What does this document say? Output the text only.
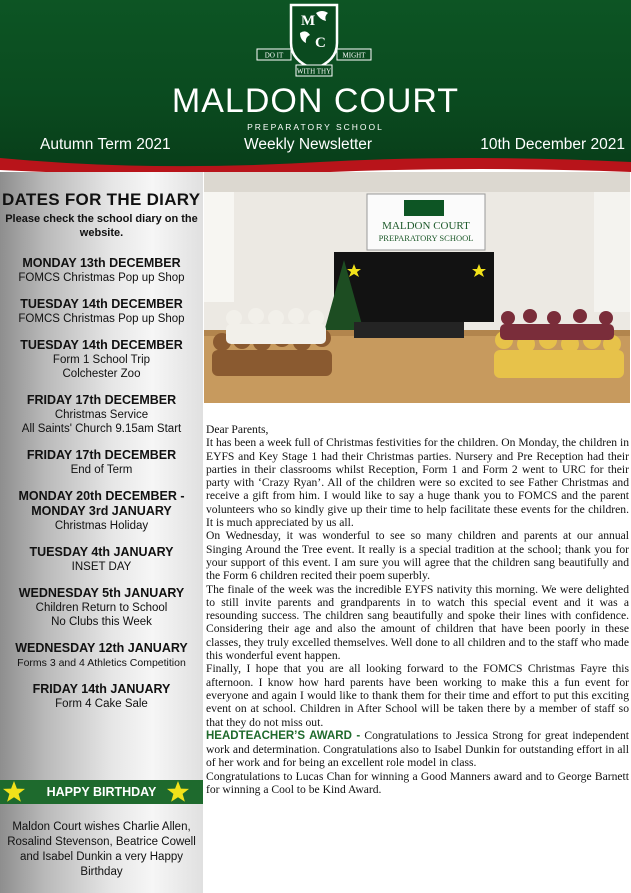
M
C
DO IT	MIGHT
WITH THY
MALDON COURT
PREPARATORY SCHOOL
Autumn Term 2021	Weekly Newsletter	10th December 2021
DATES FOR THE DIARY
Please check the school diary on the website.
MONDAY 13th DECEMBER
FOMCS Christmas Pop up Shop
TUESDAY 14th DECEMBER
FOMCS Christmas Pop up Shop
TUESDAY 14th DECEMBER
Form 1 School Trip
Colchester Zoo
FRIDAY 17th DECEMBER
Christmas Service
All Saints' Church 9.15am Start
FRIDAY 17th DECEMBER
End of Term
MONDAY 20th DECEMBER - MONDAY 3rd JANUARY
Christmas Holiday
TUESDAY 4th JANUARY
INSET DAY
WEDNESDAY 5th JANUARY
Children Return to School
No Clubs this Week
WEDNESDAY 12th JANUARY
Forms 3 and 4 Athletics Competition
FRIDAY 14th JANUARY
Form 4 Cake Sale
HAPPY BIRTHDAY
Maldon Court wishes Charlie Allen, Rosalind Stevenson, Beatrice Cowell and Isabel Dunkin a very Happy Birthday
MALDON COURT
PREPARATORY SCHOOL

Dear Parents,

It has been a week full of Christmas festivities for the children. On Monday, the children in EYFS and Key Stage 1 had their Christmas parties. Nursery and Pre Reception had their parties in their classrooms whilst Reception, Form 1 and Form 2 went to URC for their party with ‘Crazy Ryan’. All of the children were so excited to see Father Christmas and receive a gift from him. I would like to say a huge thank you to FOMCS and the parent volunteers who so kindly give up their time to help facilitate these events for the children. It is much appreciated by us all.

On Wednesday, it was wonderful to see so many children and parents at our annual Singing Around the Tree event. It really is a special tradition at the school; thank you for your support of this event. I am sure you will agree that the children sang beautifully and the Form 6 children recited their poem superbly.

The finale of the week was the incredible EYFS nativity this morning. We were delighted to still invite parents and grandparents in to watch this special event and it was a resounding success. The children sang beautifully and spoke their lines with confidence. Considering their age and also the amount of children that have been poorly in these classes, they truly excelled themselves. Well done to all children and to the staff who made this wonderful event happen.

Finally, I hope that you are all looking forward to the FOMCS Christmas Fayre this afternoon. I know how hard parents have been working to make this a fun event for everyone and again I would like to thank them for their time and effort to put this exciting event on at school. Children in After School will be taken there by a member of staff so that they do not miss out.

HEADTEACHER’S AWARD - Congratulations to Jessica Strong for great independent work and determination. Congratulations also to Isabel Dunkin for outstanding effort in all of her work and for being an excellent role model in class.

Congratulations to Lucas Chan for winning a Good Manners award and to George Barnett for winning a Cool to be Kind Award.
